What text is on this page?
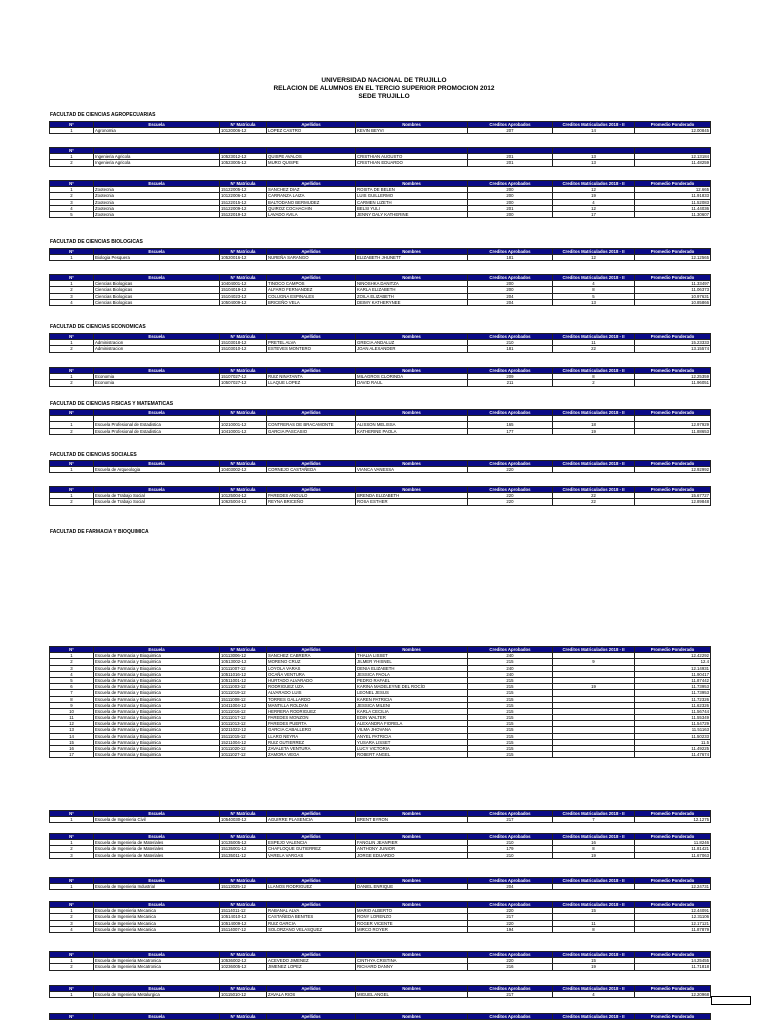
UNIVERSIDAD NACIONAL DE TRUJILLO
RELACION DE ALUMNOS EN EL TERCIO SUPERIOR PROMOCION 2012
SEDE TRUJILLO
FACULTAD DE CIENCIAS AGROPECUARIAS
FACULTAD DE CIENCIAS BIOLOGICAS
FACULTAD DE CIENCIAS ECONOMICAS
FACULTAD DE CIENCIAS FISICAS Y MATEMATICAS
FACULTAD DE CIENCIAS SOCIALES
FACULTAD DE FARMACIA Y BIOQUIMICA
N°	Escuela	N° Matricula	Apellidos	Nombres	Creditos Aprobados	Creditos Matriculados 2018 - II	Promedio Ponderado
1	Agronomia	10120006-12	LOPEZ CASTRO	KEVIN BEYVI	207	14	12.00845
N°							
1	Ingenieria Agricola	10523012-12	QUISPE AVALOS	CRISTHIAN AUGUSTO	201	13	12.13184
2	Ingenieria Agricola	10523005-12	MURO QUISPE	CRISTHIAN EDUARDO	201	13	11.48259
N°	Escuela	N° Matricula	Apellidos	Nombres	Creditos Aprobados	Creditos Matriculados 2018 - II	Promedio Ponderado
1	Zootecnia	15122005-12	SANCHEZ DIAZ	ROSITA DE BELEN	200	12	12.665
2	Zootecnia	10122006-12	CARRANZA LAIZA	LUIS GUILLERMO	200	19	11.91833
3	Zootecnia	15122015-12	BALTODANO BERMUDEZ	CARMEN LIZETH	200	4	11.52083
4	Zootecnia	15122009-12	QUIROZ COCHACHIN	BELSI YULI	201	12	11.44036
5	Zootecnia	15122019-12	LAVADO AVILA	JENNY DALY KATHERINE	200	17	11.30607
N°	Escuela	N° Matricula	Apellidos	Nombres	Creditos Aprobados	Creditos Matriculados 2018 - II	Promedio Ponderado
1	Biologia Pesquera	10520016-12	NUREÑA SARANGO	ELIZABETH JHUNETT	181	12	12.12565
N°	Escuela	N° Matricula	Apellidos	Nombres	Creditos Aprobados	Creditos Matriculados 2018 - II	Promedio Ponderado
1	Ciencias Biologicas	10404001-12	TINOCO CAMPOS	NINOSHKA DANITZA	200	4	11.33497
2	Ciencias Biologicas	15104019-12	ALFARO FERNANDEZ	KARLA ELIZABETH	200	8	11.06373
3	Ciencias Biologicas	15104023-12	COLUGNA ESPINALES	ZOILA ELIZABETH	204	5	10.97631
4	Ciencias Biologicas	10504009-12	BRICEÑO VELA	DEIMY KATHERYNEE	204	13	10.85866
N°	Escuela	N° Matricula	Apellidos	Nombres	Creditos Aprobados	Creditos Matriculados 2018 - II	Promedio Ponderado
1	Administracion	15103018-12	PRETEL ALVA	GRECIA ANDALUZ	210	11	15.23333
2	Administracion	15103010-12	ESTEVES MONTERO	JOAN ALEXANDER	181	22	13.15574
N°	Escuela	N° Matricula	Apellidos	Nombres	Creditos Aprobados	Creditos Matriculados 2018 - II	Promedio Ponderado
1	Economia	15107027-12	RUIZ NINATANTA	MILAGROS CLORINDA	209	8	12.25359
2	Economia	10507027-12	LLAQUE LOPEZ	DAVID RAUL	211	2	11.96051
N°	Escuela	N° Matricula	Apellidos	Nombres	Creditos Aprobados	Creditos Matriculados 2018 - II	Promedio Ponderado

1	Escuela Profesional de Estadistica	10210001-12	CONTRERAS DE BRACAMONTE	ALISSON MELISSA	165	18	12.97929
2	Escuela Profesional de Estadistica	10410001-12	GARCIA PASCASIO	KATHERINE PAOLA	177	19	11.88653
N°	Escuela	N° Matricula	Apellidos	Nombres	Creditos Aprobados	Creditos Matriculados 2018 - II	Promedio Ponderado
1	Escuela de Arqueologia	10403002-12	CORNEJO CASTAÑEDA	VIANCA VANESSA	220		12.92992
N°	Escuela	N° Matricula	Apellidos	Nombres	Creditos Aprobados	Creditos Matriculados 2018 - II	Promedio Ponderado
1	Escuela de Trabajo Social	10125004-12	PAREDES ANGULO	BRENDA ELIZABETH	220	22	15.67727
2	Escuela de Trabajo Social	10625004-12	REYNA BRICEÑO	ROSA ESTHER	220	22	12.89848
N°	Escuela	N° Matricula	Apellidos	Nombres	Creditos Aprobados	Creditos Matriculados 2018 - II	Promedio Ponderado
1	Escuela de Farmacia y Bioquimica	10113006-12	SANCHEZ CABRERA	THALIA LISSET	240		12.42292
2	Escuela de Farmacia y Bioquimica	10513002-12	MORENO CRUZ	JILMER YHISNEL	215	9	12.4
3	Escuela de Farmacia y Bioquimica	10111007-12	LOYOLA VARAS	DENIA ELIZABETH	240		12.14931
4	Escuela de Farmacia y Bioquimica	10511016-12	OCAÑA VENTURA	JESSICA PAOLA	240		11.90417
5	Escuela de Farmacia y Bioquimica	10511001-12	HURTADO ALVARADO	PEDRO RAFAEL	215		11.87442
6	Escuela de Farmacia y Bioquimica	10111003-12	RODRIGUEZ UZA	KARINA MADELEYNE DEL ROCÍO	215	19	11.73953
7	Escuela de Farmacia y Bioquimica	10111019-12	ALVARADO LUIS	LEONEL JESUS	215		11.73953
8	Escuela de Farmacia y Bioquimica	15111008-12	TORRES GALLARDO	KAREN PATRICIA	215		11.72326
9	Escuela de Farmacia y Bioquimica	10411004-12	MANTILLA ROLDAN	JESSICA MILENI	215		11.62326
10	Escuela de Farmacia y Bioquimica	10111016-12	HERRERA RODRIGUEZ	KARLA CECILIA	215		11.56744
11	Escuela de Farmacia y Bioquimica	10111017-12	PAREDES MONZON	EDIN WALTER	215		11.55349
12	Escuela de Farmacia y Bioquimica	10111013-12	PAREDES PUERTA	ALEXANDRA FIORELA	215		11.54729
13	Escuela de Farmacia y Bioquimica	10211022-12	GARCIA CABALLERO	VILMA JHOVANA	215		11.51163
14	Escuela de Farmacia y Bioquimica	15111015-12	LLARO NEYRA	ANYEL PATRICIA	215		11.50233
15	Escuela de Farmacia y Bioquimica	15211004-12	RUIZ GUTIERREZ	YUSARA LISSET	215		11.5
16	Escuela de Farmacia y Bioquimica	10111020-12	ZAVALETA VENTURA	LUCY VICTORIA	215		11.49225
17	Escuela de Farmacia y Bioquimica	10111027-12	ZAMORA VEGA	ROBERT ANGEL	215		11.47674
N°	Escuela	N° Matricula	Apellidos	Nombres	Creditos Aprobados	Creditos Matriculados 2018 - II	Promedio Ponderado
1	Escuela de Ingenieria Civil	10540030-12	AGUIRRE PLASENCIA	BRENT BYRON	217	7	12.1275
N°	Escuela	N° Matricula	Apellidos	Nombres	Creditos Aprobados	Creditos Matriculados 2018 - II	Promedio Ponderado
1	Escuela de Ingenieria de Materiales	10135005-12	ESPEJO VALENCIA	FANGLIN JEANPIER	210	16	11.8246
2	Escuela de Ingenieria de Materiales	15135001-12	CHAFLOQUE GUTIERREZ	ANTHONY JUNIOR	179	8	11.81421
3	Escuela de Ingenieria de Materiales	15135011-12	VARELA VARGAS	JORGE EDUARDO	210	19	11.67063
N°	Escuela	N° Matricula	Apellidos	Nombres	Creditos Aprobados	Creditos Matriculados 2018 - II	Promedio Ponderado
1	Escuela de Ingenieria Industrial	15113025-12	LLANOS RODRIGUEZ	DANIEL ENRIQUE	204		12.24731
N°	Escuela	N° Matricula	Apellidos	Nombres	Creditos Aprobados	Creditos Matriculados 2018 - II	Promedio Ponderado
1	Escuela de Ingenieria Mecanica	15114011-12	RABANAL ALVA	MARIO ALBERTO	220	15	12.44091
2	Escuela de Ingenieria Mecanica	10514010-12	CASTAÑEDA BENITES	RONY LORENZO	217		12.31106
3	Escuela de Ingenieria Mecanica	10514009-12	RUIZ GARCIA	ROGER VICENTE	220	11	12.17121
4	Escuela de Ingenieria Mecanica	15114007-12	SOLORZANO VELASQUEZ	MIRCO ROYER	194	8	11.87879
N°	Escuela	N° Matricula	Apellidos	Nombres	Creditos Aprobados	Creditos Matriculados 2018 - II	Promedio Ponderado
1	Escuela de Ingenieria Mecatronica	10536002-12	ACEVEDO JIMENEZ	CINTHYA CRISTINA	220	15	14.25455
2	Escuela de Ingenieria Mecatronica	10236005-12	JIMENEZ LOPEZ	RICHARD DANNY	216	19	11.71818
N°	Escuela	N° Matricula	Apellidos	Nombres	Creditos Aprobados	Creditos Matriculados 2018 - II	Promedio Ponderado
1	Escuela de Ingenieria Metalurgica	10115010-12	ZAVALA RIOS	MIGUEL ANGEL	217	4	12.20968
N°	Escuela	N° Matricula	Apellidos	Nombres	Creditos Aprobados	Creditos Matriculados 2018 - II	Promedio Ponderado
